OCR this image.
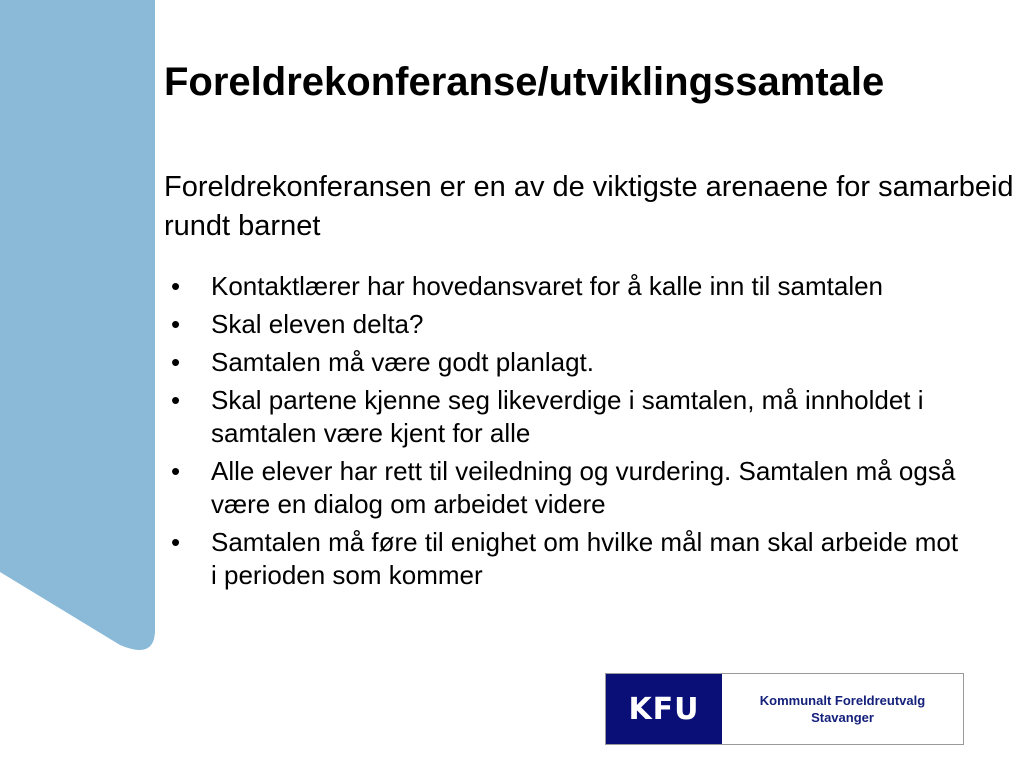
Foreldrekonferanse/utviklingssamtale

Foreldrekonferansen er en av de viktigste arenaene for samarbeid rundt barnet

• Kontaktlærer har hovedansvaret for å kalle inn til samtalen
• Skal eleven delta?
• Samtalen må være godt planlagt.
• Skal partene kjenne seg likeverdige i samtalen, må innholdet i samtalen være kjent for alle
• Alle elever har rett til veiledning og vurdering. Samtalen må også være en dialog om arbeidet videre
• Samtalen må føre til enighet om hvilke mål man skal arbeide mot i perioden som kommer
KFU	Kommunalt Foreldreutvalg
Stavanger
